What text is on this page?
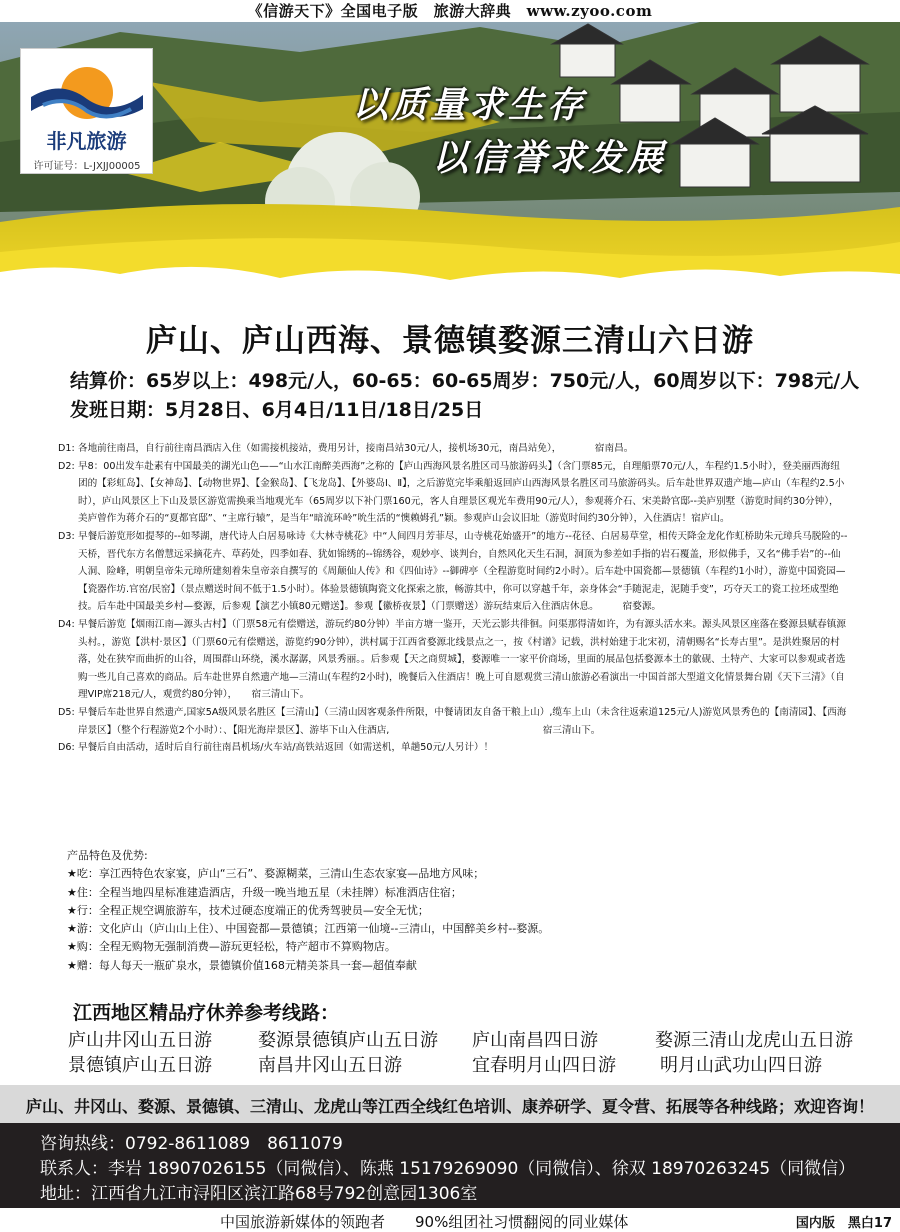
《信游天下》全国电子版　旅游大辞典　www.zyoo.com
非凡旅游
许可证号：L-JXJJ00005
以质量求生存
以信誉求发展
庐山、庐山西海、景德镇婺源三清山六日游
结算价：65岁以上：498元/人，60-65：60-65周岁：750元/人，60周岁以下：798元/人
发班日期：5月28日、6月4日/11日/18日/25日
D1: 各地前往南昌，自行前往南昌酒店入住（如需接机接站，费用另计，接南昌站30元/人，接机场30元，南昌站免），　　　　宿南昌。
D2: 早8：00出发车赴素有中国最美的湖光山色——“山水江南醉美西海”之称的【庐山西海风景名胜区司马旅游码头】（含门票85元，自理船票70元/人，车程约1.5小时），登美丽西海纽团的【彩虹岛】、【女神岛】、【动物世界】、【金猴岛】、【飞龙岛】、【外婆岛Ⅰ、Ⅱ】，之后游览完毕乘船返回庐山西海风景名胜区司马旅游码头。后车赴世界双遗产地—庐山（车程约2.5小时），庐山风景区上下山及景区游览需换乘当地观光车（65周岁以下补门票160元，客人自理景区观光车费用90元/人），参观蒋介石、宋美龄官邸--美庐别墅（游览时间约30分钟），美庐曾作为蒋介石的“夏都官邸”、“主席行辕”，是当年“暗流环岭”吮生活的“懊赖姆孔”颖。参观庐山会议旧址（游览时间约30分钟），入住酒店！宿庐山。
D3: 早餐后游览形如提琴的--如琴湖，唐代诗人白居易咏诗《大林寺桃花》中“人间四月芳菲尽，山寺桃花始盛开”的地方--花径、白居易草堂，相传天降金龙化作虹桥助朱元璋兵马脱险的--天桥，晋代东方名僧慧远采摘花卉、草药处，四季如春、犹如锦绣的--锦绣谷，观妙亭、谈判台，自然风化天生石洞，洞顶为参差如手指的岩石覆盖，形似佛手，又名“佛手岩”的--仙人洞、险峰，明朝皇帝朱元璋所建刻着朱皇帝亲自撰写的《周颠仙人传》和《四仙诗》--御碑亭（全程游览时间约2小时）。后车赴中国瓷都—景德镇（车程约1小时），游览中国瓷园—【瓷器作坊.官窑/民窑】（景点赠送时间不低于1.5小时）。体验景德镇陶瓷文化探索之旅，畅游其中，你可以穿越千年，亲身体会“手随泥走，泥随手变”，巧夺天工的瓷工拉坯成型绝技。后车赴中国最美乡村—婺源，后参观【演艺小镇80元赠送】。参观【徽桥夜景】（门票赠送）游玩结束后入住酒店休息。　　　宿婺源。
D4: 早餐后游览【烟雨江南—源头古村】（门票58元有偿赠送，游玩约80分钟）半亩方塘一鉴开，天光云影共徘徊。问渠那得清如许，为有源头活水来。源头风景区座落在婺源县赋春镇源头村。，游览【洪村·景区】（门票60元有偿赠送，游览约90分钟），洪村属于江西省婺源北线景点之一，按《村谱》记载，洪村始建于北宋初，清朝赐名“长寿古里”。是洪姓聚居的村落，处在狭窄而曲折的山谷，周围群山环绕，溪水潺潺，风景秀丽。。后参观【天之商贸城】，婺源唯一一家平价商场，里面的展品包括婺源本土的歙砚、土特产、大家可以参观或者选购一些儿自己喜欢的商品。后车赴世界自然遗产地—三清山(车程约2小时)，晚餐后入住酒店！晚上可自愿观赏三清山旅游必看演出一中国首部大型道文化情景舞台剧《天下三清》（自理VIP席218元/人，观赏约80分钟），　　宿三清山下。
D5: 早餐后车赴世界自然遗产,国家5A级风景名胜区【三清山】（三清山因客观条件所限，中餐请团友自备干粮上山）,缆车上山（未含往返索道125元/人)游览风景秀色的【南清园】、【西海岸景区】（整个行程游览2个小时）：、【阳光海岸景区】、游毕下山入住酒店,　　　　　　　　　　　　　　　　宿三清山下。
D6: 早餐后自由活动，适时后自行前往南昌机场/火车站/高铁站返回（如需送机，单趟50元/人另计）！
产品特色及优势:
★吃：享江西特色农家宴，庐山“三石”、婺源糊菜，三清山生态农家宴—品地方风味；
★住：全程当地四星标准建造酒店，升级一晚当地五星（未挂牌）标准酒店住宿；
★行：全程正规空调旅游车，技术过硬态度端正的优秀驾驶员—安全无忧；
★游：文化庐山（庐山山上住）、中国瓷都—景德镇；江西第一仙境--三清山，中国醉美乡村--婺源。
★购：全程无购物无强制消费—游玩更轻松，特产超市不算购物店。
★赠：每人每天一瓶矿泉水，景德镇价值168元精美茶具一套—超值奉献
江西地区精品疗休养参考线路：
庐山井冈山五日游	婺源景德镇庐山五日游 庐山南昌四日游	婺源三清山龙虎山五日游
景德镇庐山五日游	南昌井冈山五日游	宜春明月山四日游 明月山武功山四日游
庐山、井冈山、婺源、景德镇、三清山、龙虎山等江西全线红色培训、康养研学、夏令营、拓展等各种线路；欢迎咨询！
咨询热线：0792-8611089　8611079
联系人：李岩 18907026155（同微信）、陈燕 15179269090（同微信）、徐双 18970263245（同微信）
地址：江西省九江市浔阳区滨江路68号792创意园1306室
中国旅游新媒体的领跑者　　90%组团社习惯翻阅的同业媒体	国内版　黑白17
